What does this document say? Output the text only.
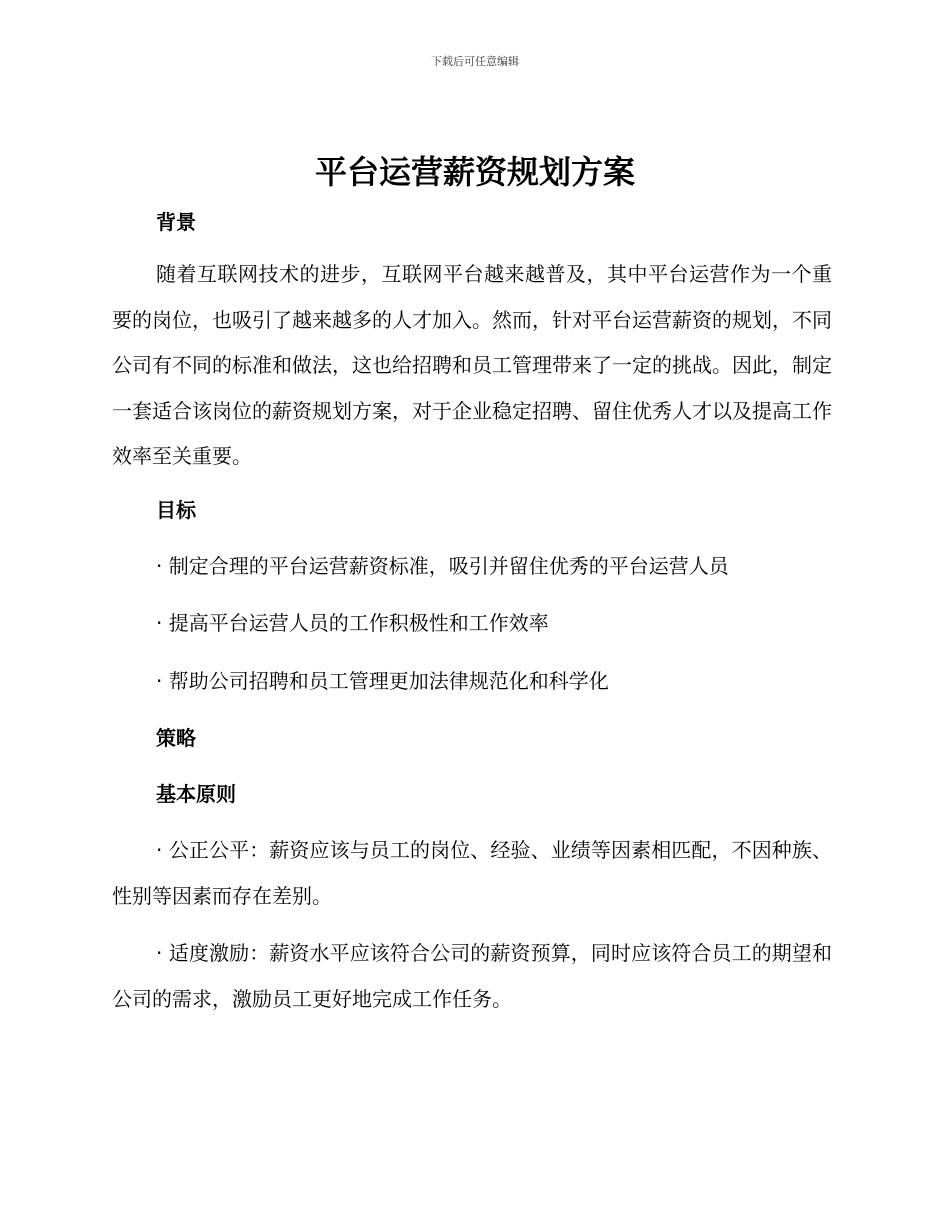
下载后可任意编辑
平台运营薪资规划方案
背景

随着互联网技术的进步，互联网平台越来越普及，其中平台运营作为一个重要的岗位，也吸引了越来越多的人才加入。然而，针对平台运营薪资的规划，不同公司有不同的标准和做法，这也给招聘和员工管理带来了一定的挑战。因此，制定一套适合该岗位的薪资规划方案，对于企业稳定招聘、留住优秀人才以及提高工作效率至关重要。

目标

· 制定合理的平台运营薪资标准，吸引并留住优秀的平台运营人员

· 提高平台运营人员的工作积极性和工作效率

· 帮助公司招聘和员工管理更加法律规范化和科学化

策略
基本原则

· 公正公平：薪资应该与员工的岗位、经验、业绩等因素相匹配，不因种族、性别等因素而存在差别。

· 适度激励：薪资水平应该符合公司的薪资预算，同时应该符合员工的期望和公司的需求，激励员工更好地完成工作任务。
